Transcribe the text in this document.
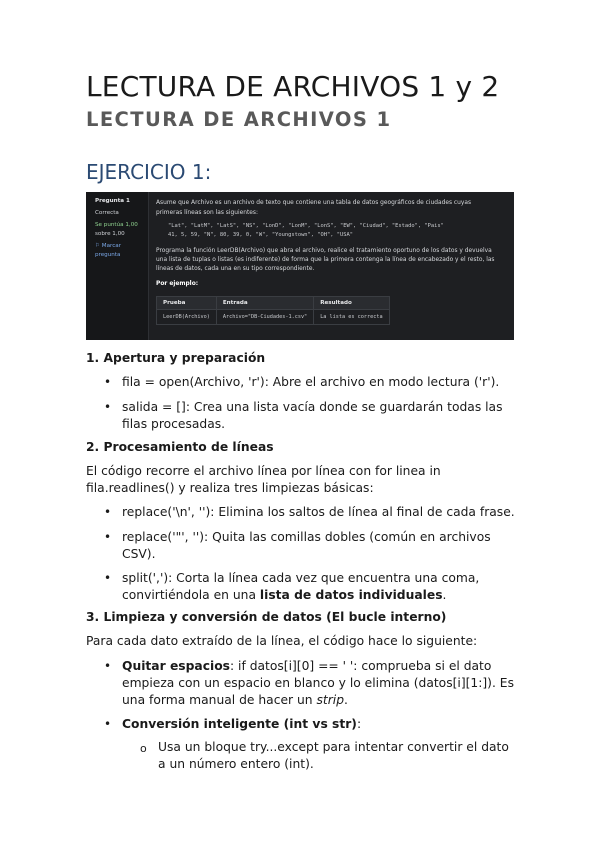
LECTURA DE ARCHIVOS 1 y 2
LECTURA DE ARCHIVOS 1
EJERCICIO 1:
Pregunta 1
Correcta
Se puntúa 1,00
sobre 1,00
⚐ Marcar
pregunta
Asume que Archivo es un archivo de texto que contiene una tabla de datos geográficos de ciudades cuyas
primeras líneas son las siguientes:
"Lat", "LatM", "LatS", "NS", "LonD", "LonM", "LonS", "EW", "Ciudad", "Estado", "Pais"
41, 5, 59, "N", 80, 39, 0, "W", "Youngstown", "OH", "USA"
Programa la función LeerDB(Archivo) que abra el archivo, realice el tratamiento oportuno de los datos y devuelva
una lista de tuplas o listas (es indiferente) de forma que la primera contenga la línea de encabezado y el resto, las
líneas de datos, cada una en su tipo correspondiente.
Por ejemplo:
Prueba	Entrada	Resultado
LeerDB(Archivo)	Archivo="DB-Ciudades-1.csv"	La lista es correcta
1. Apertura y preparación
• fila = open(Archivo, 'r'): Abre el archivo en modo lectura ('r').
• salida = []: Crea una lista vacía donde se guardarán todas las
filas procesadas.
2. Procesamiento de líneas
El código recorre el archivo línea por línea con for linea in
fila.readlines() y realiza tres limpiezas básicas:
• replace('\n', ''): Elimina los saltos de línea al final de cada frase.
• replace('"', ''): Quita las comillas dobles (común en archivos
CSV).
• split(','): Corta la línea cada vez que encuentra una coma,
convirtiéndola en una lista de datos individuales.
3. Limpieza y conversión de datos (El bucle interno)
Para cada dato extraído de la línea, el código hace lo siguiente:
• Quitar espacios: if datos[i][0] == ' ': comprueba si el dato
empieza con un espacio en blanco y lo elimina (datos[i][1:]). Es
una forma manual de hacer un strip.
• Conversión inteligente (int vs str):
o Usa un bloque try...except para intentar convertir el dato
a un número entero (int).
